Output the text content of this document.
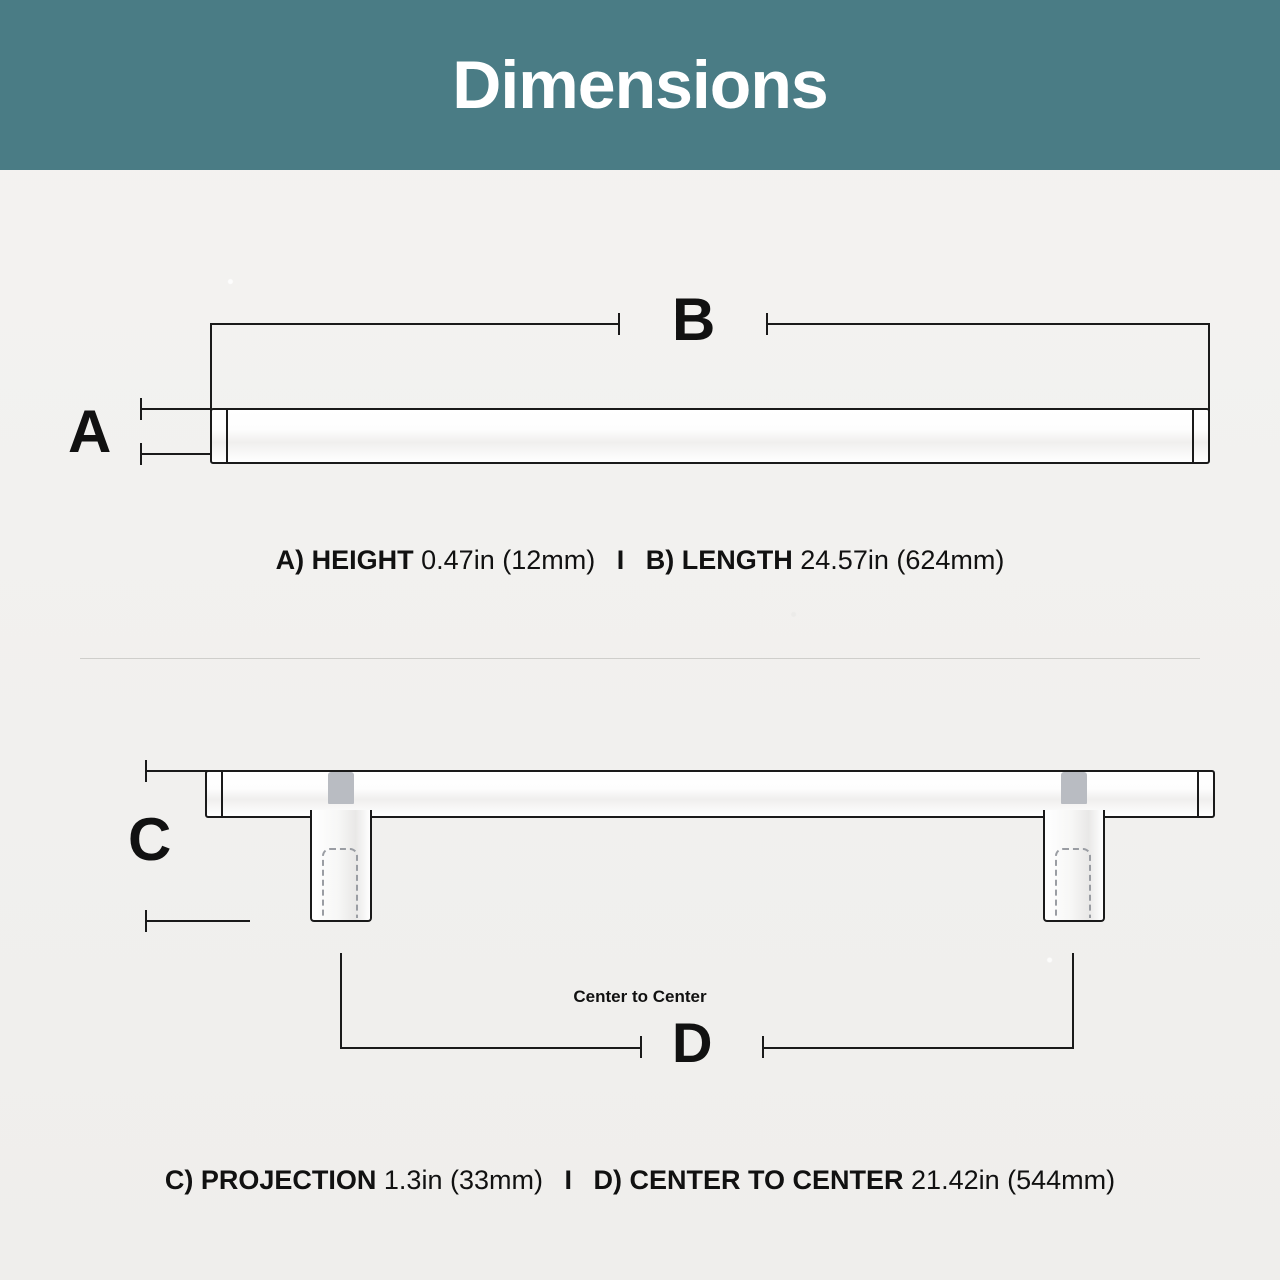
Dimensions
B
A
A) HEIGHT 0.47in (12mm) I B) LENGTH 24.57in (624mm)
C
Center to Center
D
C) PROJECTION 1.3in (33mm) I D) CENTER TO CENTER 21.42in (544mm)
